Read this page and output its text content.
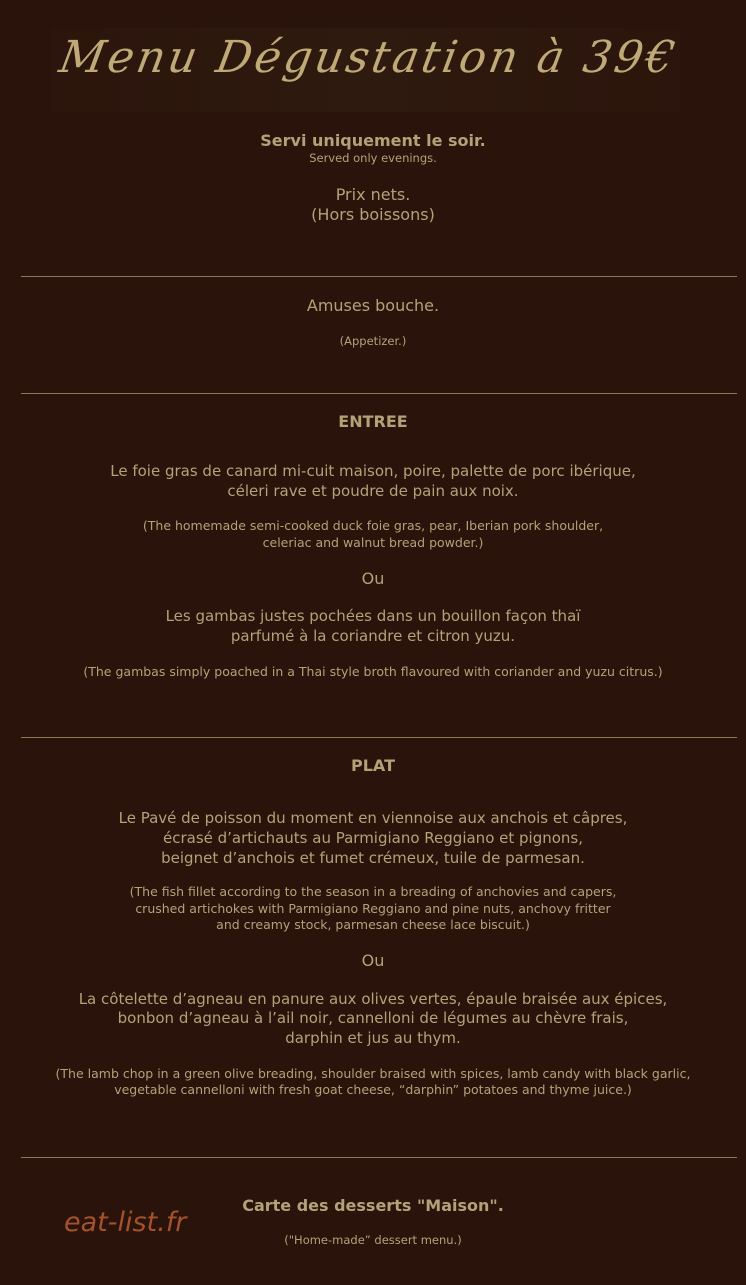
Menu Dégustation à 39€
Servi uniquement le soir.
Served only evenings.
Prix nets.
(Hors boissons)
Amuses bouche.
(Appetizer.)
ENTREE
Le foie gras de canard mi-cuit maison, poire, palette de porc ibérique,
céleri rave et poudre de pain aux noix.
(The homemade semi-cooked duck foie gras, pear, Iberian pork shoulder,
celeriac and walnut bread powder.)
Ou
Les gambas justes pochées dans un bouillon façon thaï
parfumé à la coriandre et citron yuzu.
(The gambas simply poached in a Thai style broth flavoured with coriander and yuzu citrus.)
PLAT
Le Pavé de poisson du moment en viennoise aux anchois et câpres,
écrasé d’artichauts au Parmigiano Reggiano et pignons,
beignet d’anchois et fumet crémeux, tuile de parmesan.
(The fish fillet according to the season in a breading of anchovies and capers,
crushed artichokes with Parmigiano Reggiano and pine nuts, anchovy fritter
and creamy stock, parmesan cheese lace biscuit.)
Ou
La côtelette d’agneau en panure aux olives vertes, épaule braisée aux épices,
bonbon d’agneau à l’ail noir, cannelloni de légumes au chèvre frais,
darphin et jus au thym.
(The lamb chop in a green olive breading, shoulder braised with spices, lamb candy with black garlic,
vegetable cannelloni with fresh goat cheese, “darphin” potatoes and thyme juice.)
Carte des desserts "Maison".
("Home-made” dessert menu.)
eat-list.fr
